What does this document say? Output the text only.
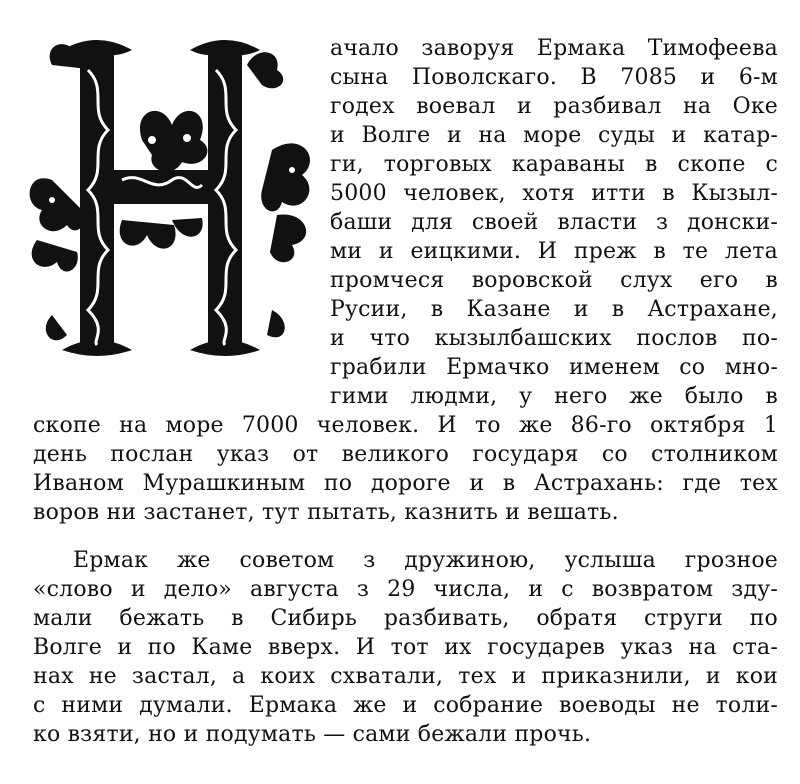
ачало заворуя Ермака Тимофеева
сына Поволскаго. В 7085 и 6-м
годех воевал и разбивал на Оке
и Волге и на море суды и катар-
ги, торговых караваны в скопе с
5000 человек, хотя итти в Кызыл-
баши для своей власти з донски-
ми и еицкими. И преж в те лета
промчеся воровской слух его в
Русии, в Казане и в Астрахане,
и что кызылбашских послов по-
грабили Ермачко именем со мно-
гими людми, у него же было в
скопе на море 7000 человек. И то же 86-го октября 1
день послан указ от великого государя со столником
Иваном Мурашкиным по дороге и в Астрахань: где тех
воров ни застанет, тут пытать, казнить и вешать.
Ермак же советом з дружиною, услыша грозное
«слово и дело» августа з 29 числа, и с возвратом зду-
мали бежать в Сибирь разбивать, обратя струги по
Волге и по Каме вверх. И тот их государев указ на ста-
нах не застал, а коих схватали, тех и приказнили, и кои
с ними думали. Ермака же и собрание воеводы не толи-
ко взяти, но и подумать — сами бежали прочь.
